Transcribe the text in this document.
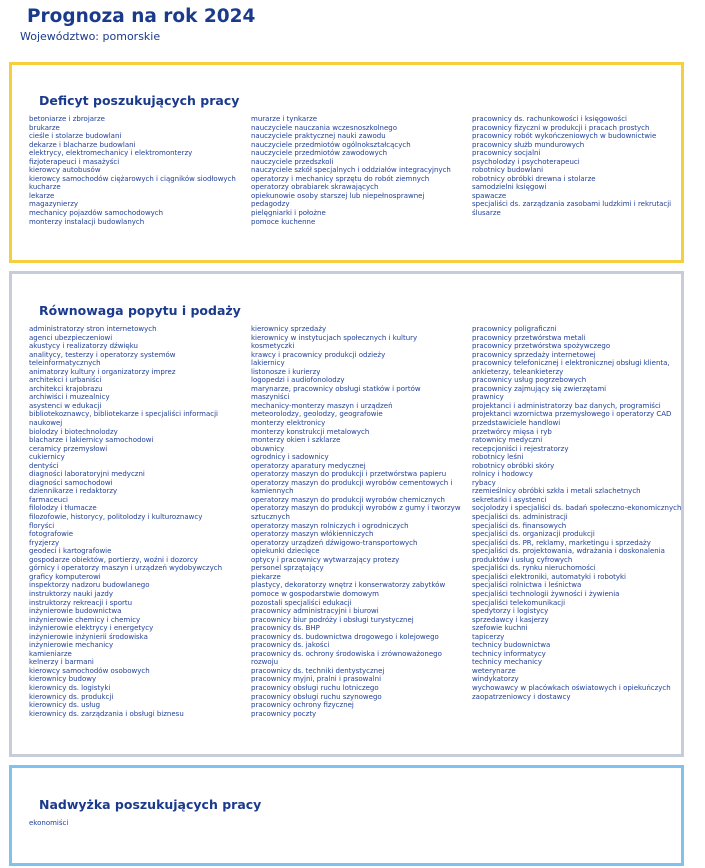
Prognoza na rok 2024
Województwo: pomorskie
Deficyt poszukujących pracy
betoniarze i zbrojarze
brukarze
cieśle i stolarze budowlani
dekarze i blacharze budowlani
elektrycy, elektromechanicy i elektromonterzy
fizjoterapeuci i masażyści
kierowcy autobusów
kierowcy samochodów ciężarowych i ciągników siodłowych
kucharze
lekarze
magazynierzy
mechanicy pojazdów samochodowych
monterzy instalacji budowlanych
murarze i tynkarze
nauczyciele nauczania wczesnoszkolnego
nauczyciele praktycznej nauki zawodu
nauczyciele przedmiotów ogólnokształcących
nauczyciele przedmiotów zawodowych
nauczyciele przedszkoli
nauczyciele szkół specjalnych i oddziałów integracyjnych
operatorzy i mechanicy sprzętu do robót ziemnych
operatorzy obrabiarek skrawających
opiekunowie osoby starszej lub niepełnosprawnej
pedagodzy
pielęgniarki i położne
pomoce kuchenne
pracownicy ds. rachunkowości i księgowości
pracownicy fizyczni w produkcji i pracach prostych
pracownicy robót wykończeniowych w budownictwie
pracownicy służb mundurowych
pracownicy socjalni
psycholodzy i psychoterapeuci
robotnicy budowlani
robotnicy obróbki drewna i stolarze
samodzielni księgowi
spawacze
specjaliści ds. zarządzania zasobami ludzkimi i rekrutacji
ślusarze
Równowaga popytu i podaży
administratorzy stron internetowych
agenci ubezpieczeniowi
akustycy i realizatorzy dźwięku
analitycy, testerzy i operatorzy systemów
teleinformatycznych
animatorzy kultury i organizatorzy imprez
architekci i urbaniści
architekci krajobrazu
archiwiści i muzealnicy
asystenci w edukacji
bibliotekoznawcy, bibliotekarze i specjaliści informacji
naukowej
biolodzy i biotechnolodzy
blacharze i lakiernicy samochodowi
ceramicy przemysłowi
cukiernicy
dentyści
diagności laboratoryjni medyczni
diagności samochodowi
dziennikarze i redaktorzy
farmaceuci
filolodzy i tłumacze
filozofowie, historycy, politolodzy i kulturoznawcy
floryści
fotografowie
fryzjerzy
geodeci i kartografowie
gospodarze obiektów, portierzy, woźni i dozorcy
górnicy i operatorzy maszyn i urządzeń wydobywczych
graficy komputerowi
inspektorzy nadzoru budowlanego
instruktorzy nauki jazdy
instruktorzy rekreacji i sportu
inżynierowie budownictwa
inżynierowie chemicy i chemicy
inżynierowie elektrycy i energetycy
inżynierowie inżynierii środowiska
inżynierowie mechanicy
kamieniarze
kelnerzy i barmani
kierowcy samochodów osobowych
kierownicy budowy
kierownicy ds. logistyki
kierownicy ds. produkcji
kierownicy ds. usług
kierownicy ds. zarządzania i obsługi biznesu
kierownicy sprzedaży
kierownicy w instytucjach społecznych i kultury
kosmetyczki
krawcy i pracownicy produkcji odzieży
lakiernicy
listonosze i kurierzy
logopedzi i audiofonolodzy
marynarze, pracownicy obsługi statków i portów
maszyniści
mechanicy-monterzy maszyn i urządzeń
meteorolodzy, geolodzy, geografowie
monterzy elektronicy
monterzy konstrukcji metalowych
monterzy okien i szklarze
obuwnicy
ogrodnicy i sadownicy
operatorzy aparatury medycznej
operatorzy maszyn do produkcji i przetwórstwa papieru
operatorzy maszyn do produkcji wyrobów cementowych i
kamiennych
operatorzy maszyn do produkcji wyrobów chemicznych
operatorzy maszyn do produkcji wyrobów z gumy i tworzyw
sztucznych
operatorzy maszyn rolniczych i ogrodniczych
operatorzy maszyn włókienniczych
operatorzy urządzeń dźwigowo-transportowych
opiekunki dziecięce
optycy i pracownicy wytwarzający protezy
personel sprzątający
piekarze
plastycy, dekoratorzy wnętrz i konserwatorzy zabytków
pomoce w gospodarstwie domowym
pozostali specjaliści edukacji
pracownicy administracyjni i biurowi
pracownicy biur podróży i obsługi turystycznej
pracownicy ds. BHP
pracownicy ds. budownictwa drogowego i kolejowego
pracownicy ds. jakości
pracownicy ds. ochrony środowiska i zrównoważonego
rozwoju
pracownicy ds. techniki dentystycznej
pracownicy myjni, pralni i prasowalni
pracownicy obsługi ruchu lotniczego
pracownicy obsługi ruchu szynowego
pracownicy ochrony fizycznej
pracownicy poczty
pracownicy poligraficzni
pracownicy przetwórstwa metali
pracownicy przetwórstwa spożywczego
pracownicy sprzedaży internetowej
pracownicy telefonicznej i elektronicznej obsługi klienta,
ankieterzy, teleankieterzy
pracownicy usług pogrzebowych
pracownicy zajmujący się zwierzętami
prawnicy
projektanci i administratorzy baz danych, programiści
projektanci wzornictwa przemysłowego i operatorzy CAD
przedstawiciele handlowi
przetwórcy mięsa i ryb
ratownicy medyczni
recepcjoniści i rejestratorzy
robotnicy leśni
robotnicy obróbki skóry
rolnicy i hodowcy
rybacy
rzemieślnicy obróbki szkła i metali szlachetnych
sekretarki i asystenci
socjolodzy i specjaliści ds. badań społeczno-ekonomicznych
specjaliści ds. administracji
specjaliści ds. finansowych
specjaliści ds. organizacji produkcji
specjaliści ds. PR, reklamy, marketingu i sprzedaży
specjaliści ds. projektowania, wdrażania i doskonalenia
produktów i usług cyfrowych
specjaliści ds. rynku nieruchomości
specjaliści elektroniki, automatyki i robotyki
specjaliści rolnictwa i leśnictwa
specjaliści technologii żywności i żywienia
specjaliści telekomunikacji
spedytorzy i logistycy
sprzedawcy i kasjerzy
szefowie kuchni
tapicerzy
technicy budownictwa
technicy informatycy
technicy mechanicy
weterynarze
windykatorzy
wychowawcy w placówkach oświatowych i opiekuńczych
zaopatrzeniowcy i dostawcy
Nadwyżka poszukujących pracy
ekonomiści
